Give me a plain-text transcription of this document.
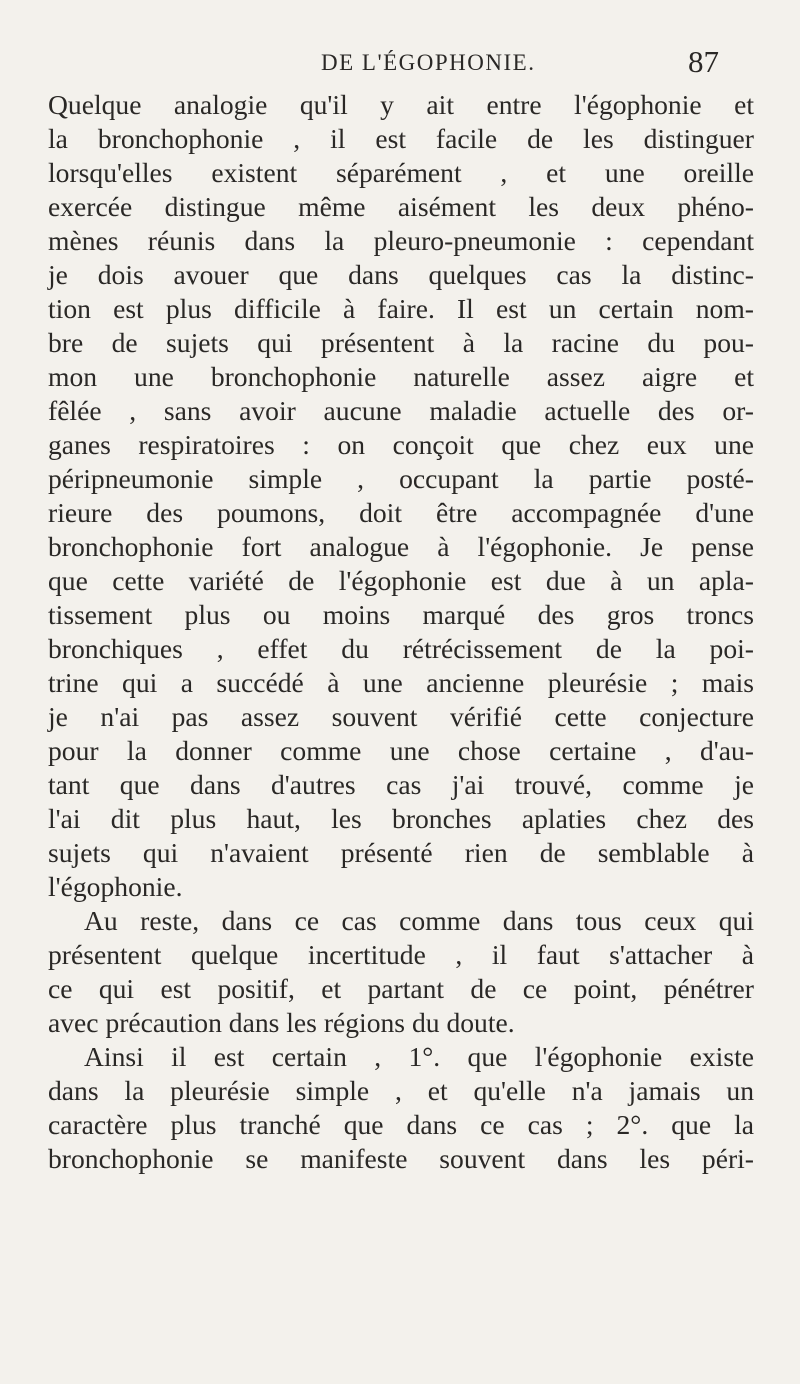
DE L'ÉGOPHONIE.	87
Quelque analogie qu'il y ait entre l'égophonie et
la bronchophonie , il est facile de les distinguer
lorsqu'elles existent séparément , et une oreille
exercée distingue même aisément les deux phéno-
mènes réunis dans la pleuro-pneumonie : cependant
je dois avouer que dans quelques cas la distinc-
tion est plus difficile à faire. Il est un certain nom-
bre de sujets qui présentent à la racine du pou-
mon une bronchophonie naturelle assez aigre et
fêlée , sans avoir aucune maladie actuelle des or-
ganes respiratoires : on conçoit que chez eux une
péripneumonie simple , occupant la partie posté-
rieure des poumons, doit être accompagnée d'une
bronchophonie fort analogue à l'égophonie. Je pense
que cette variété de l'égophonie est due à un apla-
tissement plus ou moins marqué des gros troncs
bronchiques , effet du rétrécissement de la poi-
trine qui a succédé à une ancienne pleurésie ; mais
je n'ai pas assez souvent vérifié cette conjecture
pour la donner comme une chose certaine , d'au-
tant que dans d'autres cas j'ai trouvé, comme je
l'ai dit plus haut, les bronches aplaties chez des
sujets qui n'avaient présenté rien de semblable à
l'égophonie.
Au reste, dans ce cas comme dans tous ceux qui
présentent quelque incertitude , il faut s'attacher à
ce qui est positif, et partant de ce point, pénétrer
avec précaution dans les régions du doute.
Ainsi il est certain , 1°. que l'égophonie existe
dans la pleurésie simple , et qu'elle n'a jamais un
caractère plus tranché que dans ce cas ; 2°. que la
bronchophonie se manifeste souvent dans les péri-
